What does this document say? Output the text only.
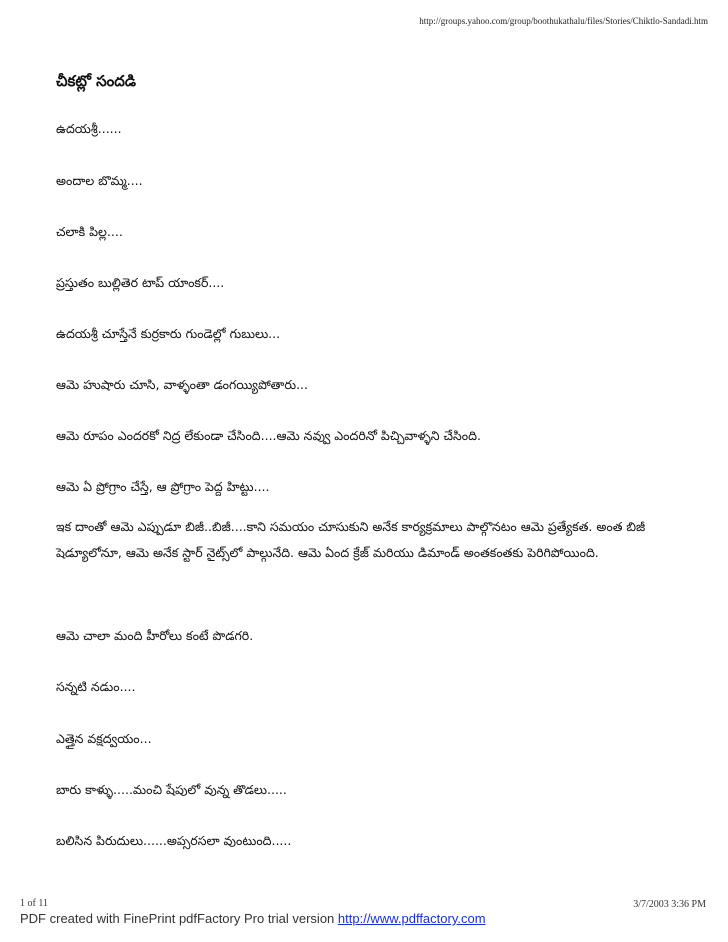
http://groups.yahoo.com/group/boothukathalu/files/Stories/Chiktlo-Sandadi.htm
చీకట్లో సందడి

ఉదయశ్రీ......

అందాల బొమ్మ....

చలాకి పిల్ల....

ప్రస్తుతం బుల్లితెర టాప్ యాంకర్....

ఉదయశ్రీ చూస్తేనే కుర్రకారు గుండెల్లో గుబులు...

ఆమె హుషారు చూసి, వాళ్ళంతా డంగయ్యిపోతారు...

ఆమె రూపం ఎందరకో నిద్ర లేకుండా చేసింది....ఆమె నవ్వు ఎందరినో పిచ్చివాళ్ళని చేసింది.

ఆమె ఏ ప్రోగ్రాం చేస్తే, ఆ ప్రోగ్రాం పెద్ద హిట్టు....

ఇక దాంతో ఆమె ఎప్పుడూ బిజీ..బిజీ....కాని సమయం చూసుకుని అనేక కార్యక్రమాలు పాల్గొనటం ఆమె ప్రత్యేకత. అంత బిజీ షెడ్యూలోనూ, ఆమె అనేక స్టార్ నైట్స్‌లో పాల్గునేది. ఆమె ఏంద క్రేజ్ మరియు డిమాండ్ అంతకంతకు పెరిగిపోయింది.

ఆమె చాలా మంది హీరోలు కంటే పొడగరి.

సన్నటి నడుం....

ఎత్తైన వక్షద్వయం...

బారు కాళ్ళు.....మంచి షేపులో వున్న తొడలు.....

బలిసిన పిరుదులు......అప్సరసలా వుంటుంది.....

1 of 11	3/7/2003 3:36 PM
PDF created with FinePrint pdfFactory Pro trial version http://www.pdffactory.com
